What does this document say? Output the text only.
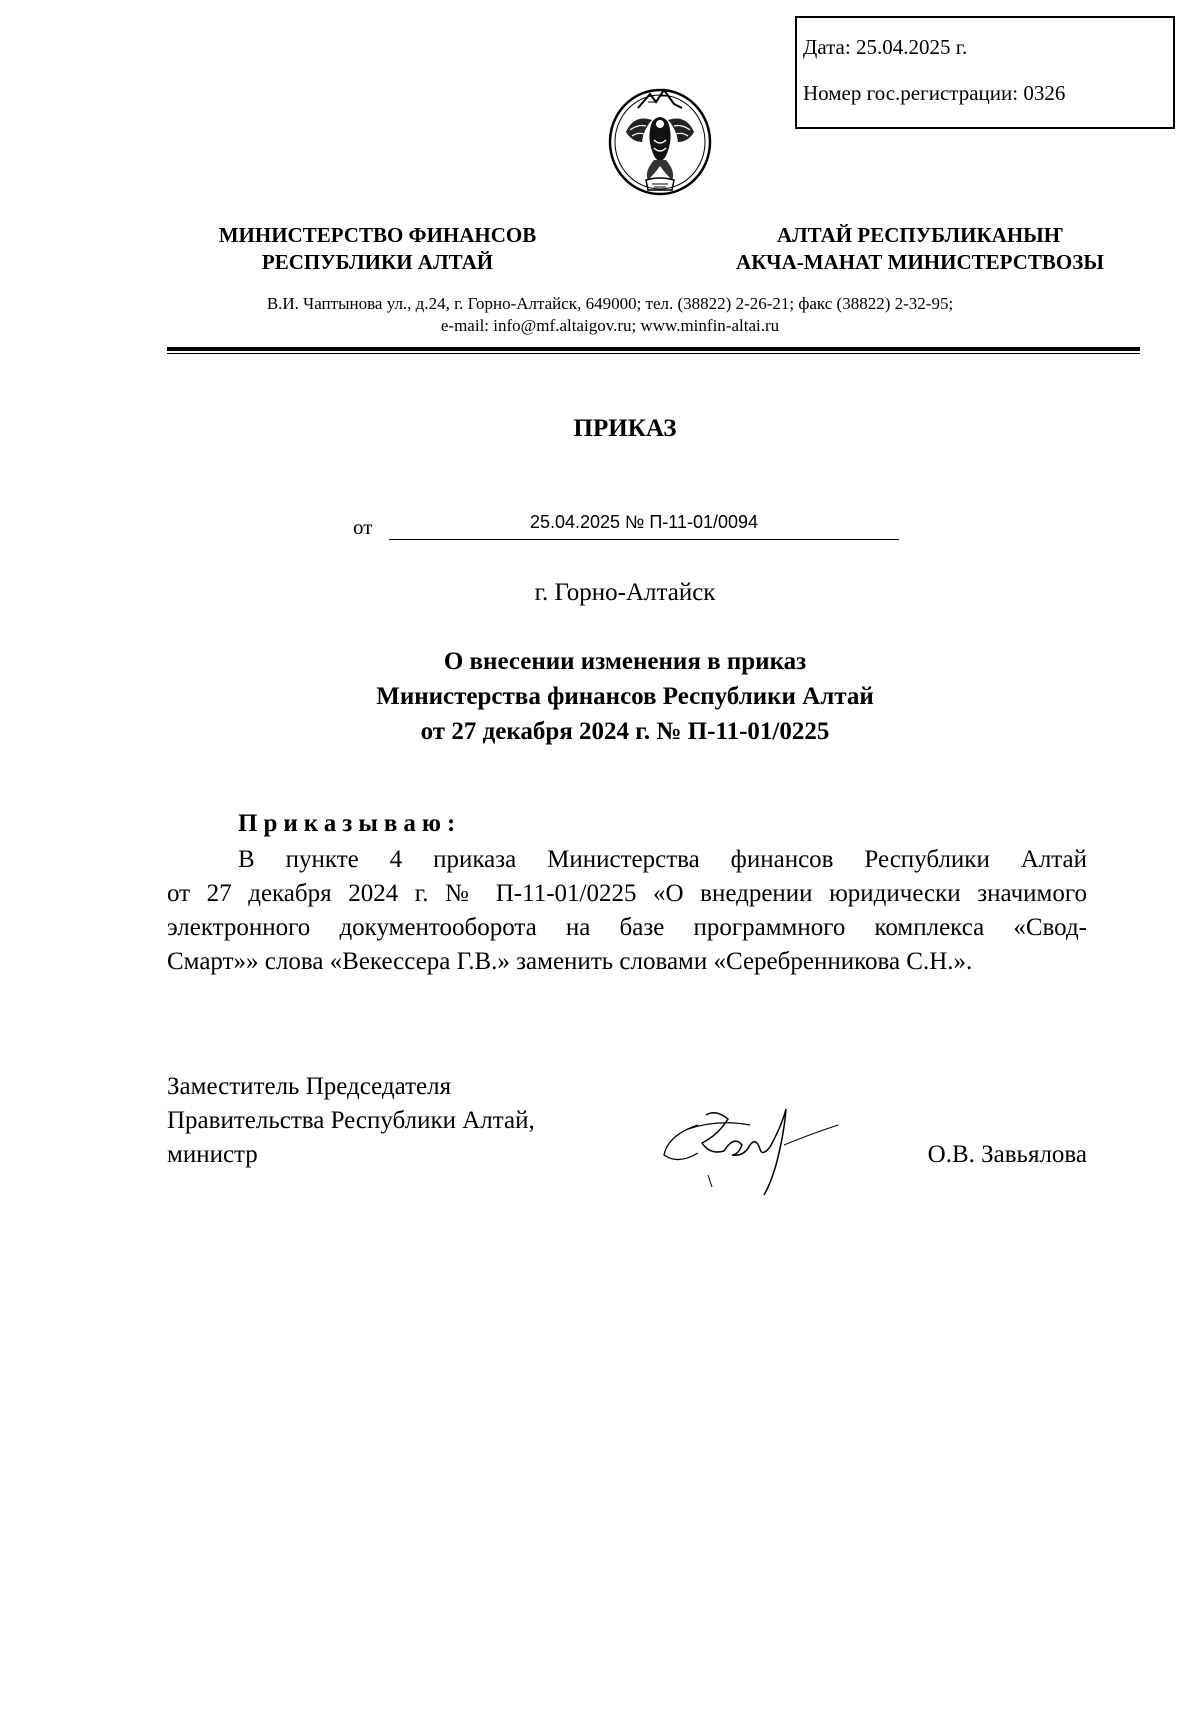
Дата: 25.04.2025 г.
Номер гос.регистрации: 0326
МИНИСТЕРСТВО ФИНАНСОВ
РЕСПУБЛИКИ АЛТАЙ
АЛТАЙ РЕСПУБЛИКАНЫҤ
АКЧА-МАНАТ МИНИСТЕРСТВОЗЫ
В.И. Чаптынова ул., д.24, г. Горно-Алтайск, 649000; тел. (38822) 2-26-21; факс (38822) 2-32-95;
e-mail: info@mf.altaigov.ru; www.minfin-altai.ru
ПРИКАЗ
от	25.04.2025 № П-11-01/0094
г. Горно-Алтайск
О внесении изменения в приказ
Министерства финансов Республики Алтай
от 27 декабря 2024 г. № П-11-01/0225
Приказываю:
В пункте 4 приказа Министерства финансов Республики Алтай
от 27 декабря 2024 г. № П-11-01/0225 «О внедрении юридически значимого
электронного документооборота на базе программного комплекса «Свод-
Смарт»» слова «Векессера Г.В.» заменить словами «Серебренникова С.Н.».
Заместитель Председателя
Правительства Республики Алтай,
министр	О.В. Завьялова
